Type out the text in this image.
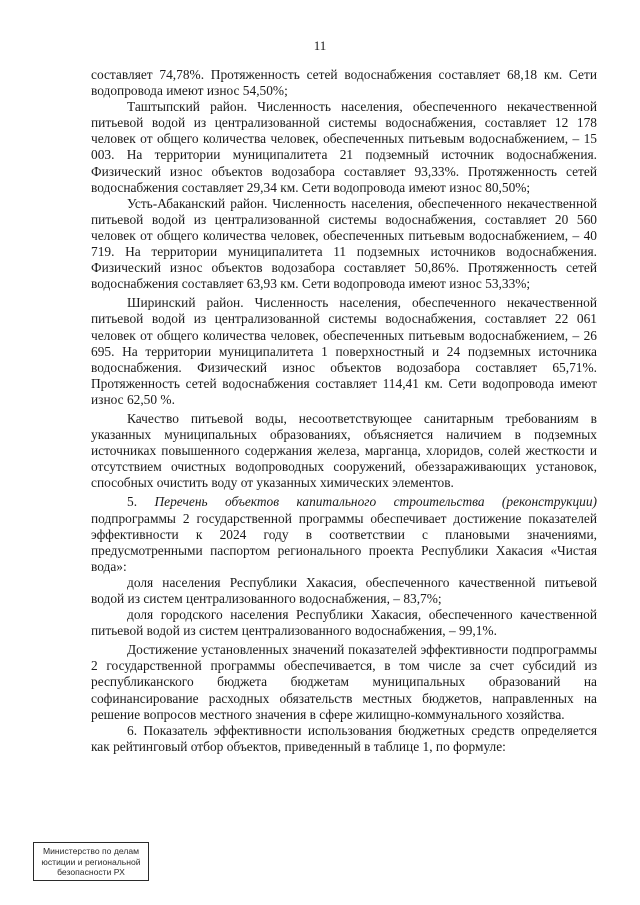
11

составляет 74,78%. Протяженность сетей водоснабжения составляет 68,18 км. Сети водопровода имеют износ 54,50%;

Таштыпский район. Численность населения, обеспеченного некачественной питьевой водой из централизованной системы водоснабжения, составляет 12 178 человек от общего количества человек, обеспеченных питьевым водоснабжением, – 15 003. На территории муниципалитета 21 подземный источник водоснабжения. Физический износ объектов водозабора составляет 93,33%. Протяженность сетей водоснабжения составляет 29,34 км. Сети водопровода имеют износ 80,50%;

Усть-Абаканский район. Численность населения, обеспеченного некачественной питьевой водой из централизованной системы водоснабжения, составляет 20 560 человек от общего количества человек, обеспеченных питьевым водоснабжением, – 40 719. На территории муниципалитета 11 подземных источников водоснабжения. Физический износ объектов водозабора составляет 50,86%. Протяженность сетей водоснабжения составляет 63,93 км. Сети водопровода имеют износ 53,33%;

Ширинский район. Численность населения, обеспеченного некачественной питьевой водой из централизованной системы водоснабжения, составляет 22 061 человек от общего количества человек, обеспеченных питьевым водоснабжением, – 26 695. На территории муниципалитета 1 поверхностный и 24 подземных источника водоснабжения. Физический износ объектов водозабора составляет 65,71%. Протяженность сетей водоснабжения составляет 114,41 км. Сети водопровода имеют износ 62,50 %.

Качество питьевой воды, несоответствующее санитарным требованиям в указанных муниципальных образованиях, объясняется наличием в подземных источниках повышенного содержания железа, марганца, хлоридов, солей жесткости и отсутствием очистных водопроводных сооружений, обеззараживающих установок, способных очистить воду от указанных химических элементов.

5. Перечень объектов капитального строительства (реконструкции) подпрограммы 2 государственной программы обеспечивает достижение показателей эффективности к 2024 году в соответствии с плановыми значениями, предусмотренными паспортом регионального проекта Республики Хакасия «Чистая вода»:

доля населения Республики Хакасия, обеспеченного качественной питьевой водой из систем централизованного водоснабжения, – 83,7%;

доля городского населения Республики Хакасия, обеспеченного качественной питьевой водой из систем централизованного водоснабжения, – 99,1%.

Достижение установленных значений показателей эффективности подпрограммы 2 государственной программы обеспечивается, в том числе за счет субсидий из республиканского бюджета бюджетам муниципальных образований на софинансирование расходных обязательств местных бюджетов, направленных на решение вопросов местного значения в сфере жилищно-коммунального хозяйства.

6. Показатель эффективности использования бюджетных средств определяется как рейтинговый отбор объектов, приведенный в таблице 1, по формуле:

Министерство по делам
юстиции и региональной
безопасности РХ
